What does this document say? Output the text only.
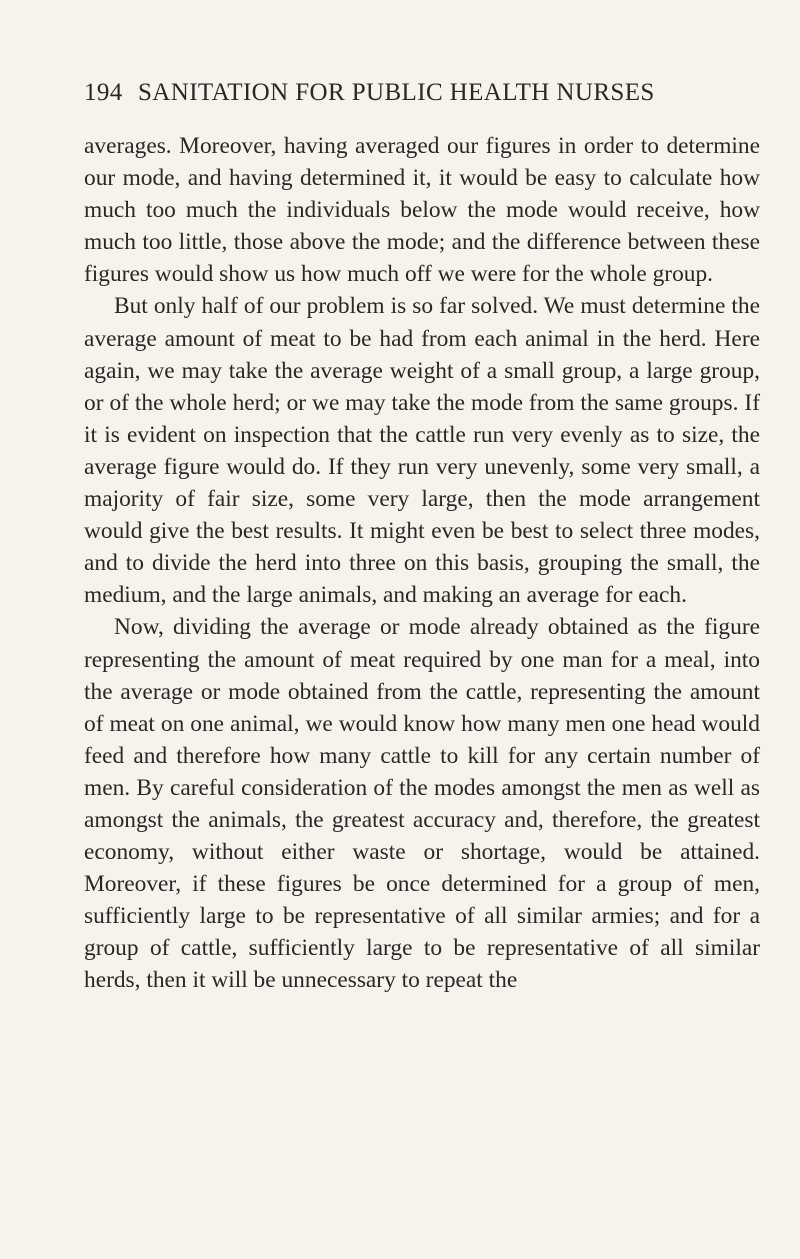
194 SANITATION FOR PUBLIC HEALTH NURSES

averages. Moreover, having averaged our figures in order to determine our mode, and having determined it, it would be easy to calculate how much too much the individuals below the mode would receive, how much too little, those above the mode; and the difference between these figures would show us how much off we were for the whole group.

But only half of our problem is so far solved. We must determine the average amount of meat to be had from each animal in the herd. Here again, we may take the average weight of a small group, a large group, or of the whole herd; or we may take the mode from the same groups. If it is evident on inspection that the cattle run very evenly as to size, the average figure would do. If they run very unevenly, some very small, a majority of fair size, some very large, then the mode arrangement would give the best results. It might even be best to select three modes, and to divide the herd into three on this basis, grouping the small, the medium, and the large animals, and making an average for each.

Now, dividing the average or mode already obtained as the figure representing the amount of meat required by one man for a meal, into the average or mode obtained from the cattle, representing the amount of meat on one animal, we would know how many men one head would feed and therefore how many cattle to kill for any certain number of men. By careful consideration of the modes amongst the men as well as amongst the animals, the greatest accuracy and, therefore, the greatest economy, without either waste or shortage, would be attained. Moreover, if these figures be once determined for a group of men, sufficiently large to be representative of all similar armies; and for a group of cattle, sufficiently large to be representative of all similar herds, then it will be unnecessary to repeat the
